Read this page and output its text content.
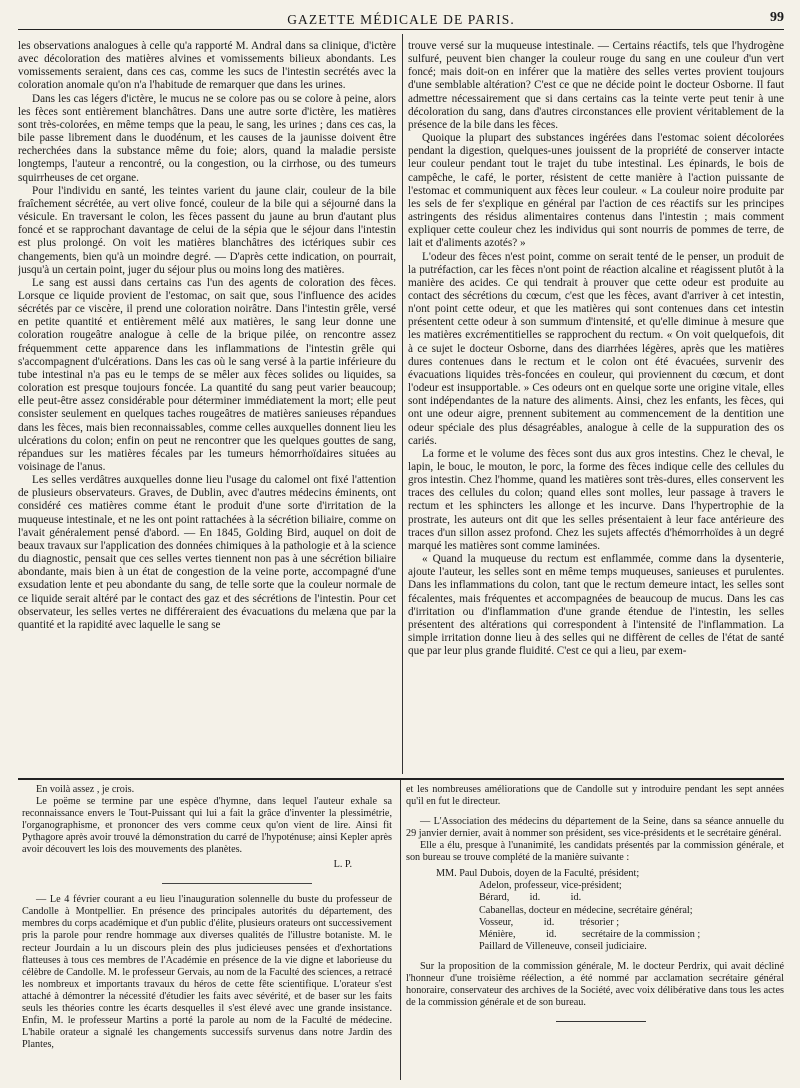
GAZETTE MÉDICALE DE PARIS.	99

les observations analogues à celle qu'a rapporté M. Andral dans sa clinique, d'ictère avec décoloration des matières alvines et vomissements bilieux abondants. Les vomissements seraient, dans ces cas, comme les sucs de l'intestin secrétés avec la coloration anomale qu'on n'a l'habitude de remarquer que dans les urines.

Dans les cas légers d'ictère, le mucus ne se colore pas ou se colore à peine, alors les fèces sont entièrement blanchâtres. Dans une autre sorte d'ictère, les matières sont très-colorées, en même temps que la peau, le sang, les urines ; dans ces cas, la bile passe librement dans le duodénum, et les causes de la jaunisse doivent être recherchées dans la substance même du foie; alors, quand la maladie persiste longtemps, l'auteur a rencontré, ou la congestion, ou la cirrhose, ou des tumeurs squirrheuses de cet organe.

Pour l'individu en santé, les teintes varient du jaune clair, couleur de la bile fraîchement sécrétée, au vert olive foncé, couleur de la bile qui a séjourné dans la vésicule. En traversant le colon, les fèces passent du jaune au brun d'autant plus foncé et se rapprochant davantage de celui de la sépia que le séjour dans l'intestin est plus prolongé. On voit les matières blanchâtres des ictériques subir ces changements, bien qu'à un moindre degré. — D'après cette indication, on pourrait, jusqu'à un certain point, juger du séjour plus ou moins long des matières.

Le sang est aussi dans certains cas l'un des agents de coloration des fèces. Lorsque ce liquide provient de l'estomac, on sait que, sous l'influence des acides sécrétés par ce viscère, il prend une coloration noirâtre. Dans l'intestin grêle, versé en petite quantité et entièrement mêlé aux matières, le sang leur donne une coloration rougeâtre analogue à celle de la brique pilée, on rencontre assez fréquemment cette apparence dans les inflammations de l'intestin grêle qui s'accompagnent d'ulcérations. Dans les cas où le sang versé à la partie inférieure du tube intestinal n'a pas eu le temps de se mêler aux fèces solides ou liquides, sa coloration est presque toujours foncée. La quantité du sang peut varier beaucoup; elle peut-être assez considérable pour déterminer immédiatement la mort; elle peut consister seulement en quelques taches rougeâtres de matières sanieuses répandues dans les fèces, mais bien reconnaissables, comme celles auxquelles donnent lieu les ulcérations du colon; enfin on peut ne rencontrer que les quelques gouttes de sang, répandues sur les matières fécales par les tumeurs hémorrhoïdaires situées au voisinage de l'anus.

Les selles verdâtres auxquelles donne lieu l'usage du calomel ont fixé l'attention de plusieurs observateurs. Graves, de Dublin, avec d'autres médecins éminents, ont considéré ces matières comme étant le produit d'une sorte d'irritation de la muqueuse intestinale, et ne les ont point rattachées à la sécrétion biliaire, comme on l'avait généralement pensé d'abord. — En 1845, Golding Bird, auquel on doit de beaux travaux sur l'application des données chimiques à la pathologie et à la science du diagnostic, pensait que ces selles vertes tiennent non pas à une sécrétion biliaire abondante, mais bien à un état de congestion de la veine porte, accompagné d'une exsudation lente et peu abondante du sang, de telle sorte que la couleur normale de ce liquide serait altéré par le contact des gaz et des sécrétions de l'intestin. Pour cet observateur, les selles vertes ne différeraient des évacuations du melæna que par la quantité et la rapidité avec laquelle le sang se

trouve versé sur la muqueuse intestinale. — Certains réactifs, tels que l'hydrogène sulfuré, peuvent bien changer la couleur rouge du sang en une couleur d'un vert foncé; mais doit-on en inférer que la matière des selles vertes provient toujours d'une semblable altération? C'est ce que ne décide point le docteur Osborne. Il faut admettre nécessairement que si dans certains cas la teinte verte peut tenir à une décoloration du sang, dans d'autres circonstances elle provient véritablement de la présence de la bile dans les fèces.

Quoique la plupart des substances ingérées dans l'estomac soient décolorées pendant la digestion, quelques-unes jouissent de la propriété de conserver intacte leur couleur pendant tout le trajet du tube intestinal. Les épinards, le bois de campêche, le café, le porter, résistent de cette manière à l'action puissante de l'estomac et communiquent aux fèces leur couleur. « La couleur noire produite par les sels de fer s'explique en général par l'action de ces réactifs sur les principes astringents des résidus alimentaires contenus dans l'intestin ; mais comment expliquer cette couleur chez les individus qui sont nourris de pommes de terre, de lait et d'aliments azotés? »

L'odeur des fèces n'est point, comme on serait tenté de le penser, un produit de la putréfaction, car les fèces n'ont point de réaction alcaline et réagissent plutôt à la manière des acides. Ce qui tendrait à prouver que cette odeur est produite au contact des sécrétions du cœcum, c'est que les fèces, avant d'arriver à cet intestin, n'ont point cette odeur, et que les matières qui sont contenues dans cet intestin présentent cette odeur à son summum d'intensité, et qu'elle diminue à mesure que les matières excrémentitielles se rapprochent du rectum. « On voit quelquefois, dit à ce sujet le docteur Osborne, dans des diarrhées légères, après que les matières dures contenues dans le rectum et le colon ont été évacuées, survenir des évacuations liquides très-foncées en couleur, qui proviennent du cœcum, et dont l'odeur est insupportable. » Ces odeurs ont en quelque sorte une origine vitale, elles sont indépendantes de la nature des aliments. Ainsi, chez les enfants, les fèces, qui ont une odeur aigre, prennent subitement au commencement de la dentition une odeur spéciale des plus désagréables, analogue à celle de la suppuration des os cariés.

La forme et le volume des fèces sont dus aux gros intestins. Chez le cheval, le lapin, le bouc, le mouton, le porc, la forme des fèces indique celle des cellules du gros intestin. Chez l'homme, quand les matières sont très-dures, elles conservent les traces des cellules du colon; quand elles sont molles, leur passage à travers le rectum et les sphincters les allonge et les incurve. Dans l'hypertrophie de la prostrate, les auteurs ont dit que les selles présentaient à leur face antérieure des traces d'un sillon assez profond. Chez les sujets affectés d'hémorrhoïdes à un degré marqué les matières sont comme laminées.

« Quand la muqueuse du rectum est enflammée, comme dans la dysenterie, ajoute l'auteur, les selles sont en même temps muqueuses, sanieuses et purulentes. Dans les inflammations du colon, tant que le rectum demeure intact, les selles sont fécalentes, mais fréquentes et accompagnées de beaucoup de mucus. Dans les cas d'irritation ou d'inflammation d'une grande étendue de l'intestin, les selles présentent des altérations qui correspondent à l'intensité de l'inflammation. La simple irritation donne lieu à des selles qui ne diffèrent de celles de l'état de santé que par leur plus grande fluidité. C'est ce qui a lieu, par exem-

En voilà assez , je crois.

Le poëme se termine par une espèce d'hymne, dans lequel l'auteur exhale sa reconnaissance envers le Tout-Puissant qui lui a fait la grâce d'inventer la plessimétrie, l'organographisme, et prononcer des vers comme ceux qu'on vient de lire. Ainsi fit Pythagore après avoir trouvé la démonstration du carré de l'hypoténuse; ainsi Kepler après avoir découvert les lois des mouvements des planètes.

L. P.

— Le 4 février courant a eu lieu l'inauguration solennelle du buste du professeur de Candolle à Montpellier. En présence des principales autorités du département, des membres du corps académique et d'un public d'élite, plusieurs orateurs ont successivement pris la parole pour rendre hommage aux diverses qualités de l'illustre botaniste. M. le recteur Jourdain a lu un discours plein des plus judicieuses pensées et d'exhortations flatteuses à tous ces membres de l'Académie en présence de la vie digne et laborieuse du célèbre de Candolle. M. le professeur Gervais, au nom de la Faculté des sciences, a retracé les nombreux et importants travaux du héros de cette fête scientifique. L'orateur s'est attaché à démontrer la nécessité d'étudier les faits avec sévérité, et de baser sur les faits seuls les théories contre les écarts desquelles il s'est élevé avec une grande insistance. Enfin, M. le professeur Martins a porté la parole au nom de la Faculté de médecine. L'habile orateur a signalé les changements successifs survenus dans notre Jardin des Plantes,

et les nombreuses améliorations que de Candolle sut y introduire pendant les sept années qu'il en fut le directeur.

— L'Association des médecins du département de la Seine, dans sa séance annuelle du 29 janvier dernier, avait à nommer son président, ses vice-présidents et le secrétaire général.

Elle a élu, presque à l'unanimité, les candidats présentés par la commission générale, et son bureau se trouve complété de la manière suivante :

MM. Paul Dubois, doyen de la Faculté, président;
Adelon, professeur, vice-président;
Bérard,        id.            id.
Cabanellas, docteur en médecine, secrétaire général;
Vosseur,            id.          trésorier ;
Ménière,            id.          secrétaire de la commission ;
Paillard de Villeneuve, conseil judiciaire.

Sur la proposition de la commission générale, M. le docteur Perdrix, qui avait décliné l'honneur d'une troisième réélection, a été nommé par acclamation secrétaire général honoraire, conservateur des archives de la Société, avec voix délibérative dans tous les actes de la commission générale et de son bureau.
